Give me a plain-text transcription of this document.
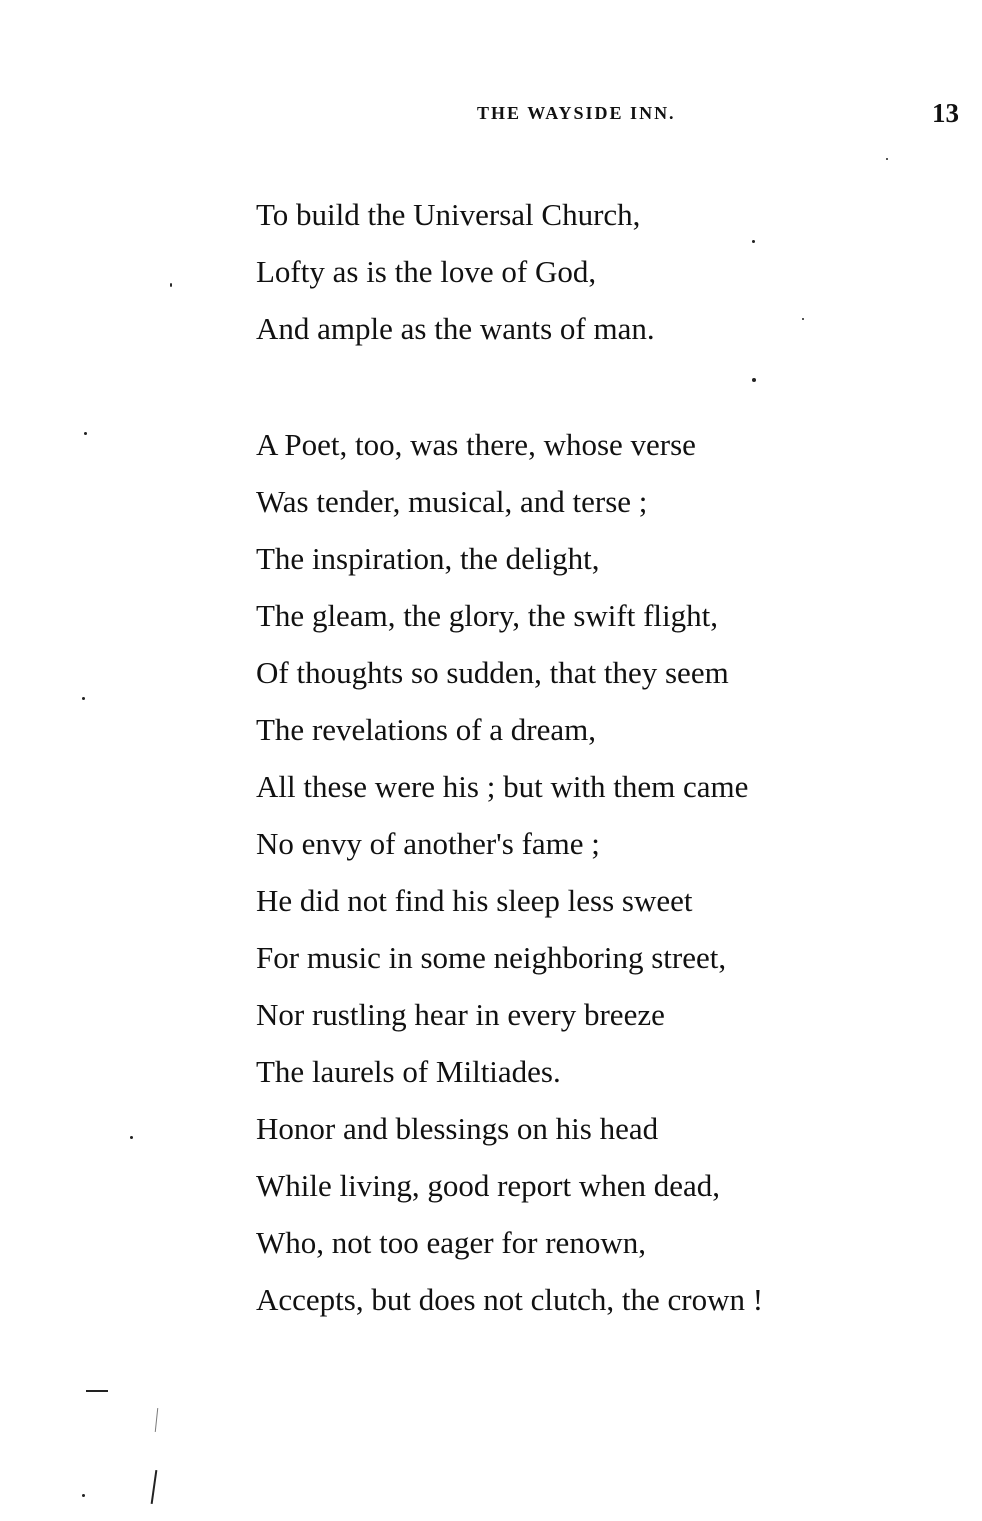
THE WAYSIDE INN.	13
To build the Universal Church,
Lofty as is the love of God,
And ample as the wants of man.
A Poet, too, was there, whose verse
Was tender, musical, and terse ;
The inspiration, the delight,
The gleam, the glory, the swift flight,
Of thoughts so sudden, that they seem
The revelations of a dream,
All these were his ; but with them came
No envy of another's fame ;
He did not find his sleep less sweet
For music in some neighboring street,
Nor rustling hear in every breeze
The laurels of Miltiades.
Honor and blessings on his head
While living, good report when dead,
Who, not too eager for renown,
Accepts, but does not clutch, the crown !
